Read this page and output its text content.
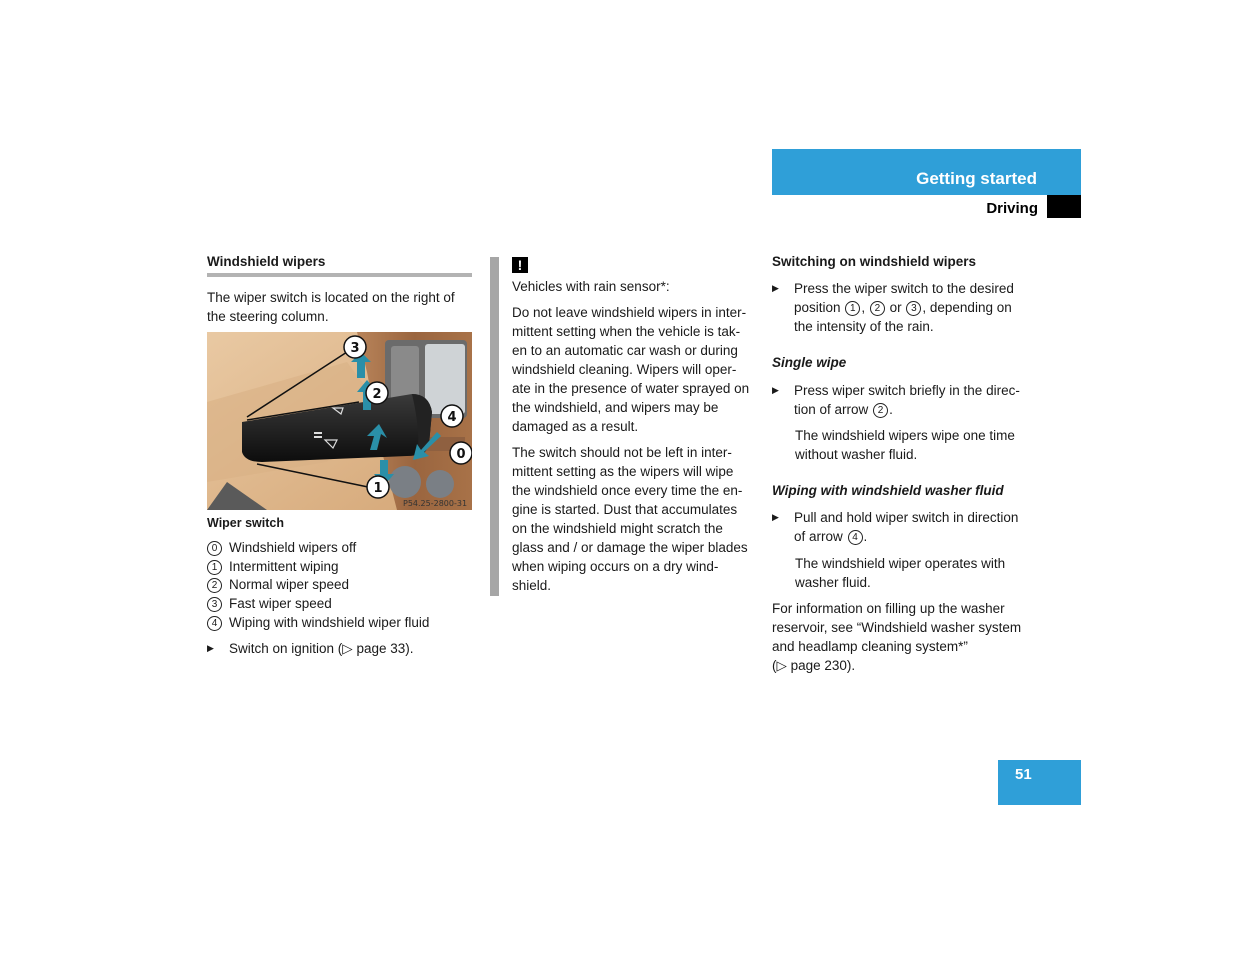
Getting started
Driving
Windshield wipers
The wiper switch is located on the right of the steering column.
3
2
4
0
1
P54.25-2800-31
Wiper switch
0 Windshield wipers off
1 Intermittent wiping
2 Normal wiper speed
3 Fast wiper speed
4 Wiping with windshield wiper fluid
▶	Switch on ignition (▷ page 33).
!
Vehicles with rain sensor*:
Do not leave windshield wipers in inter-
mittent setting when the vehicle is tak-
en to an automatic car wash or during
windshield cleaning. Wipers will oper-
ate in the presence of water sprayed on
the windshield, and wipers may be
damaged as a result.
The switch should not be left in inter-
mittent setting as the wipers will wipe
the windshield once every time the en-
gine is started. Dust that accumulates
on the windshield might scratch the
glass and / or damage the wiper blades
when wiping occurs on a dry wind-
shield.
Switching on windshield wipers
▶	Press the wiper switch to the desired
position 1 , 2 or 3 , depending on
the intensity of the rain.
Single wipe
▶	Press wiper switch briefly in the direc-
tion of arrow 2 .
The windshield wipers wipe one time
without washer fluid.
Wiping with windshield washer fluid
▶	Pull and hold wiper switch in direction
of arrow 4 .
The windshield wiper operates with
washer fluid.
For information on filling up the washer
reservoir, see “Windshield washer system
and headlamp cleaning system*”
(▷ page 230).
51
